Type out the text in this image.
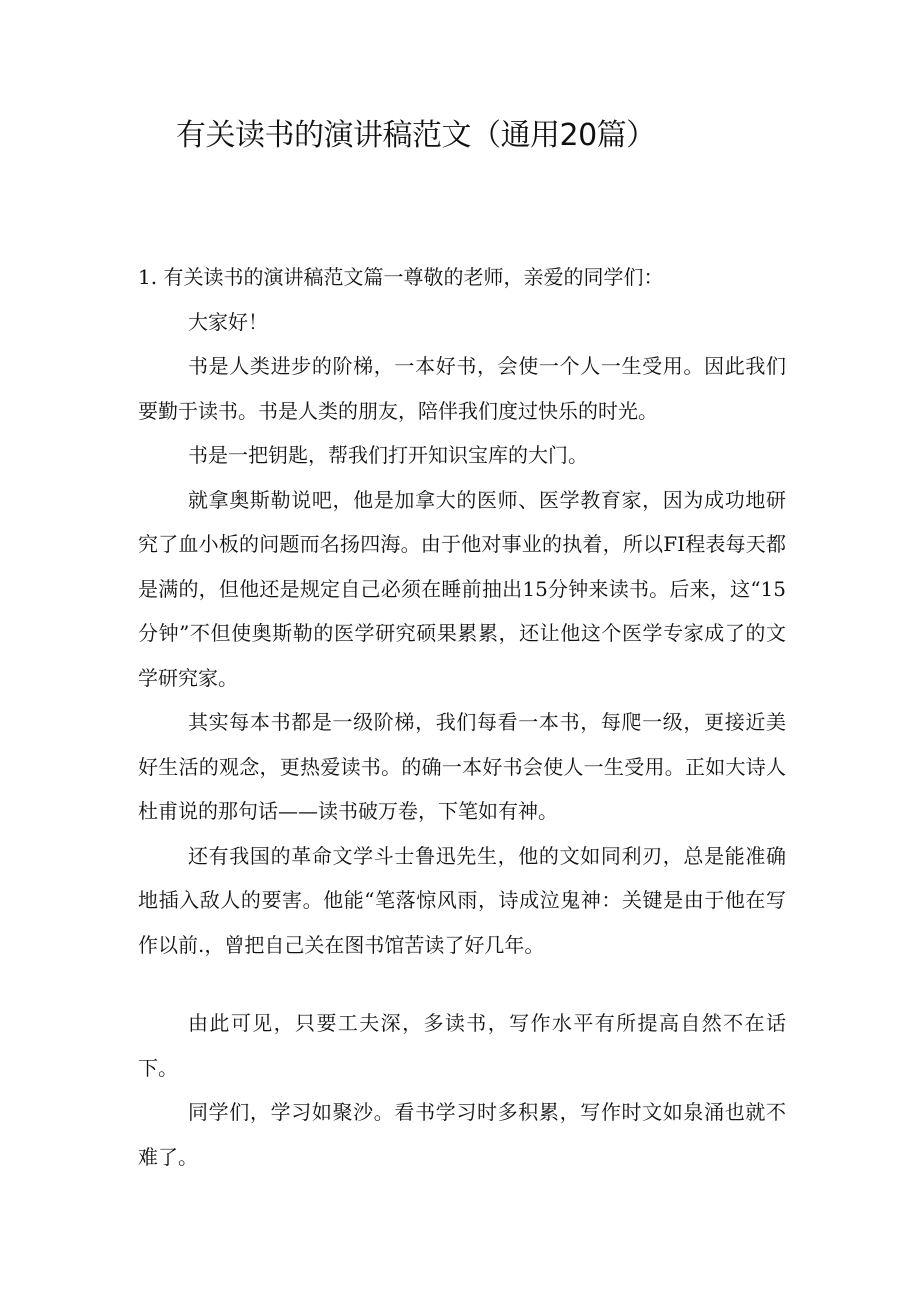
有关读书的演讲稿范文（通用20篇）

1. 有关读书的演讲稿范文篇一尊敬的老师，亲爱的同学们：

大家好！

书是人类进步的阶梯，一本好书，会使一个人一生受用。因此我们要勤于读书。书是人类的朋友，陪伴我们度过快乐的时光。

书是一把钥匙，帮我们打开知识宝库的大门。

就拿奥斯勒说吧，他是加拿大的医师、医学教育家，因为成功地研究了血小板的问题而名扬四海。由于他对事业的执着，所以FI程表每天都是满的，但他还是规定自己必须在睡前抽出15分钟来读书。后来，这“15分钟”不但使奥斯勒的医学研究硕果累累，还让他这个医学专家成了的文学研究家。

其实每本书都是一级阶梯，我们每看一本书，每爬一级，更接近美好生活的观念，更热爱读书。的确一本好书会使人一生受用。正如大诗人杜甫说的那句话——读书破万卷，下笔如有神。

还有我国的革命文学斗士鲁迅先生，他的文如同利刃，总是能准确地插入敌人的要害。他能“笔落惊风雨，诗成泣鬼神：关键是由于他在写作以前.，曾把自己关在图书馆苦读了好几年。

由此可见，只要工夫深，多读书，写作水平有所提高自然不在话下。

同学们，学习如聚沙。看书学习时多积累，写作时文如泉涌也就不难了。
